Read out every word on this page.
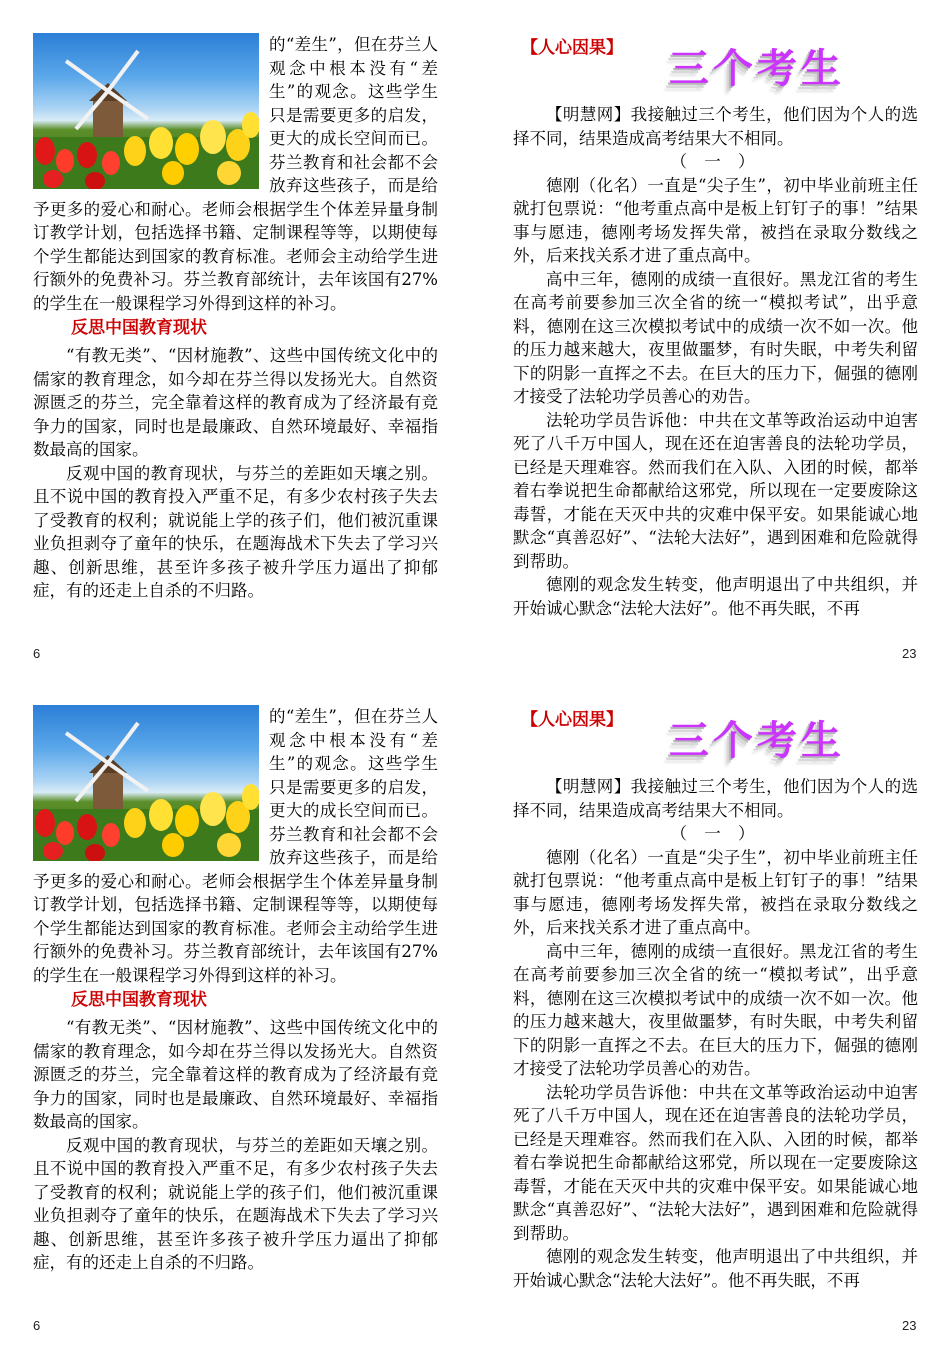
的“差生”，但在芬兰人观念中根本没有“差生”的观念。这些学生只是需要更多的启发，更大的成长空间而已。芬兰教育和社会都不会放弃这些孩子，而是给予更多的爱心和耐心。老师会根据学生个体差异量身制订教学计划，包括选择书籍、定制课程等等，以期使每个学生都能达到国家的教育标准。老师会主动给学生进行额外的免费补习。芬兰教育部统计，去年该国有27%的学生在一般课程学习外得到这样的补习。

反思中国教育现状

“有教无类”、“因材施教”、这些中国传统文化中的儒家的教育理念，如今却在芬兰得以发扬光大。自然资源匮乏的芬兰，完全靠着这样的教育成为了经济最有竞争力的国家，同时也是最廉政、自然环境最好、幸福指数最高的国家。

反观中国的教育现状，与芬兰的差距如天壤之别。且不说中国的教育投入严重不足，有多少农村孩子失去了受教育的权利；就说能上学的孩子们，他们被沉重课业负担剥夺了童年的快乐，在题海战术下失去了学习兴趣、创新思维，甚至许多孩子被升学压力逼出了抑郁症，有的还走上自杀的不归路。

6
【人心因果】 三个考生

【明慧网】我接触过三个考生，他们因为个人的选择不同，结果造成高考结果大不相同。

（ 一 ）

德刚（化名）一直是“尖子生”，初中毕业前班主任就打包票说：“他考重点高中是板上钉钉子的事！”结果事与愿违，德刚考场发挥失常，被挡在录取分数线之外，后来找关系才进了重点高中。

高中三年，德刚的成绩一直很好。黑龙江省的考生在高考前要参加三次全省的统一“模拟考试”，出乎意料，德刚在这三次模拟考试中的成绩一次不如一次。他的压力越来越大，夜里做噩梦，有时失眠，中考失利留下的阴影一直挥之不去。在巨大的压力下，倔强的德刚才接受了法轮功学员善心的劝告。

法轮功学员告诉他：中共在文革等政治运动中迫害死了八千万中国人，现在还在迫害善良的法轮功学员，已经是天理难容。然而我们在入队、入团的时候，都举着右拳说把生命都献给这邪党，所以现在一定要废除这毒誓，才能在天灭中共的灾难中保平安。如果能诚心地默念“真善忍好”、“法轮大法好”，遇到困难和危险就得到帮助。

德刚的观念发生转变，他声明退出了中共组织，并开始诚心默念“法轮大法好”。他不再失眠，不再

23

的“差生”，但在芬兰人观念中根本没有“差生”的观念。这些学生只是需要更多的启发，更大的成长空间而已。芬兰教育和社会都不会放弃这些孩子，而是给予更多的爱心和耐心。老师会根据学生个体差异量身制订教学计划，包括选择书籍、定制课程等等，以期使每个学生都能达到国家的教育标准。老师会主动给学生进行额外的免费补习。芬兰教育部统计，去年该国有27%的学生在一般课程学习外得到这样的补习。

反思中国教育现状

“有教无类”、“因材施教”、这些中国传统文化中的儒家的教育理念，如今却在芬兰得以发扬光大。自然资源匮乏的芬兰，完全靠着这样的教育成为了经济最有竞争力的国家，同时也是最廉政、自然环境最好、幸福指数最高的国家。

反观中国的教育现状，与芬兰的差距如天壤之别。且不说中国的教育投入严重不足，有多少农村孩子失去了受教育的权利；就说能上学的孩子们，他们被沉重课业负担剥夺了童年的快乐，在题海战术下失去了学习兴趣、创新思维，甚至许多孩子被升学压力逼出了抑郁症，有的还走上自杀的不归路。

6
【人心因果】 三个考生

【明慧网】我接触过三个考生，他们因为个人的选择不同，结果造成高考结果大不相同。

（ 一 ）

德刚（化名）一直是“尖子生”，初中毕业前班主任就打包票说：“他考重点高中是板上钉钉子的事！”结果事与愿违，德刚考场发挥失常，被挡在录取分数线之外，后来找关系才进了重点高中。

高中三年，德刚的成绩一直很好。黑龙江省的考生在高考前要参加三次全省的统一“模拟考试”，出乎意料，德刚在这三次模拟考试中的成绩一次不如一次。他的压力越来越大，夜里做噩梦，有时失眠，中考失利留下的阴影一直挥之不去。在巨大的压力下，倔强的德刚才接受了法轮功学员善心的劝告。

法轮功学员告诉他：中共在文革等政治运动中迫害死了八千万中国人，现在还在迫害善良的法轮功学员，已经是天理难容。然而我们在入队、入团的时候，都举着右拳说把生命都献给这邪党，所以现在一定要废除这毒誓，才能在天灭中共的灾难中保平安。如果能诚心地默念“真善忍好”、“法轮大法好”，遇到困难和危险就得到帮助。

德刚的观念发生转变，他声明退出了中共组织，并开始诚心默念“法轮大法好”。他不再失眠，不再

23
